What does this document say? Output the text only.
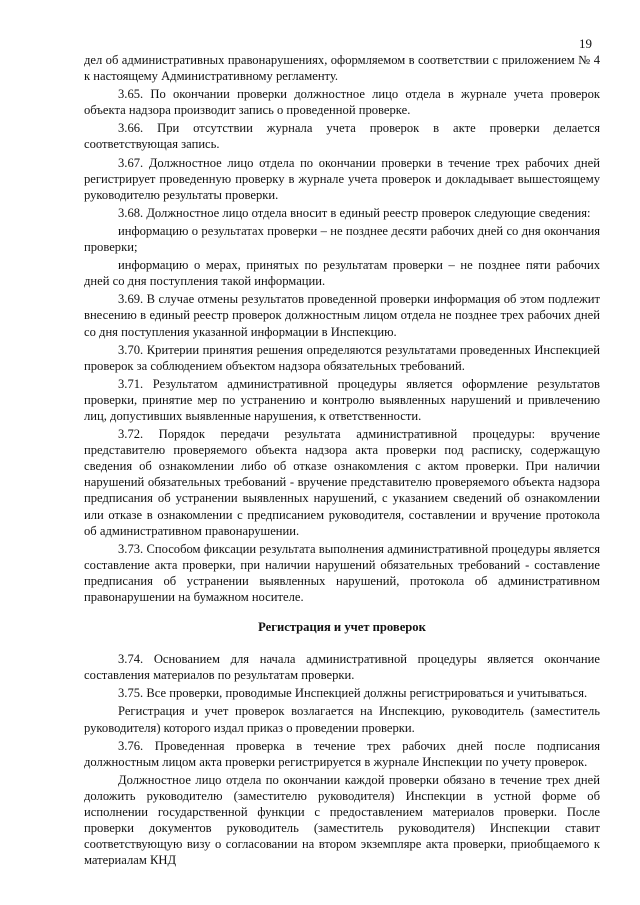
19

дел об административных правонарушениях, оформляемом в соответствии с приложением № 4 к настоящему Административному регламенту.

3.65. По окончании проверки должностное лицо отдела в журнале учета проверок объекта надзора производит запись о проведенной проверке.

3.66. При отсутствии журнала учета проверок в акте проверки делается соответствующая запись.

3.67. Должностное лицо отдела по окончании проверки в течение трех рабочих дней регистрирует проведенную проверку в журнале учета проверок и докладывает вышестоящему руководителю результаты проверки.

3.68. Должностное лицо отдела вносит в единый реестр проверок следующие сведения:

информацию о результатах проверки – не позднее десяти рабочих дней со дня окончания проверки;

информацию о мерах, принятых по результатам проверки – не позднее пяти рабочих дней со дня поступления такой информации.

3.69. В случае отмены результатов проведенной проверки информация об этом подлежит внесению в единый реестр проверок должностным лицом отдела не позднее трех рабочих дней со дня поступления указанной информации в Инспекцию.

3.70. Критерии принятия решения определяются результатами проведенных Инспекцией проверок за соблюдением объектом надзора обязательных требований.

3.71. Результатом административной процедуры является оформление результатов проверки, принятие мер по устранению и контролю выявленных нарушений и привлечению лиц, допустивших выявленные нарушения, к ответственности.

3.72. Порядок передачи результата административной процедуры: вручение представителю проверяемого объекта надзора акта проверки под расписку, содержащую сведения об ознакомлении либо об отказе ознакомления с актом проверки. При наличии нарушений обязательных требований - вручение представителю проверяемого объекта надзора предписания об устранении выявленных нарушений, с указанием сведений об ознакомлении или отказе в ознакомлении с предписанием руководителя, составлении и вручение протокола об административном правонарушении.

3.73. Способом фиксации результата выполнения административной процедуры является составление акта проверки, при наличии нарушений обязательных требований - составление предписания об устранении выявленных нарушений, протокола об административном правонарушении на бумажном носителе.

Регистрация и учет проверок

3.74. Основанием для начала административной процедуры является окончание составления материалов по результатам проверки.

3.75. Все проверки, проводимые Инспекцией должны регистрироваться и учитываться.

Регистрация и учет проверок возлагается на Инспекцию, руководитель (заместитель руководителя) которого издал приказ о проведении проверки.

3.76. Проведенная проверка в течение трех рабочих дней после подписания должностным лицом акта проверки регистрируется в журнале Инспекции по учету проверок.

Должностное лицо отдела по окончании каждой проверки обязано в течение трех дней доложить руководителю (заместителю руководителя) Инспекции в устной форме об исполнении государственной функции с предоставлением материалов проверки. После проверки документов руководитель (заместитель руководителя) Инспекции ставит соответствующую визу о согласовании на втором экземпляре акта проверки, приобщаемого к материалам КНД
